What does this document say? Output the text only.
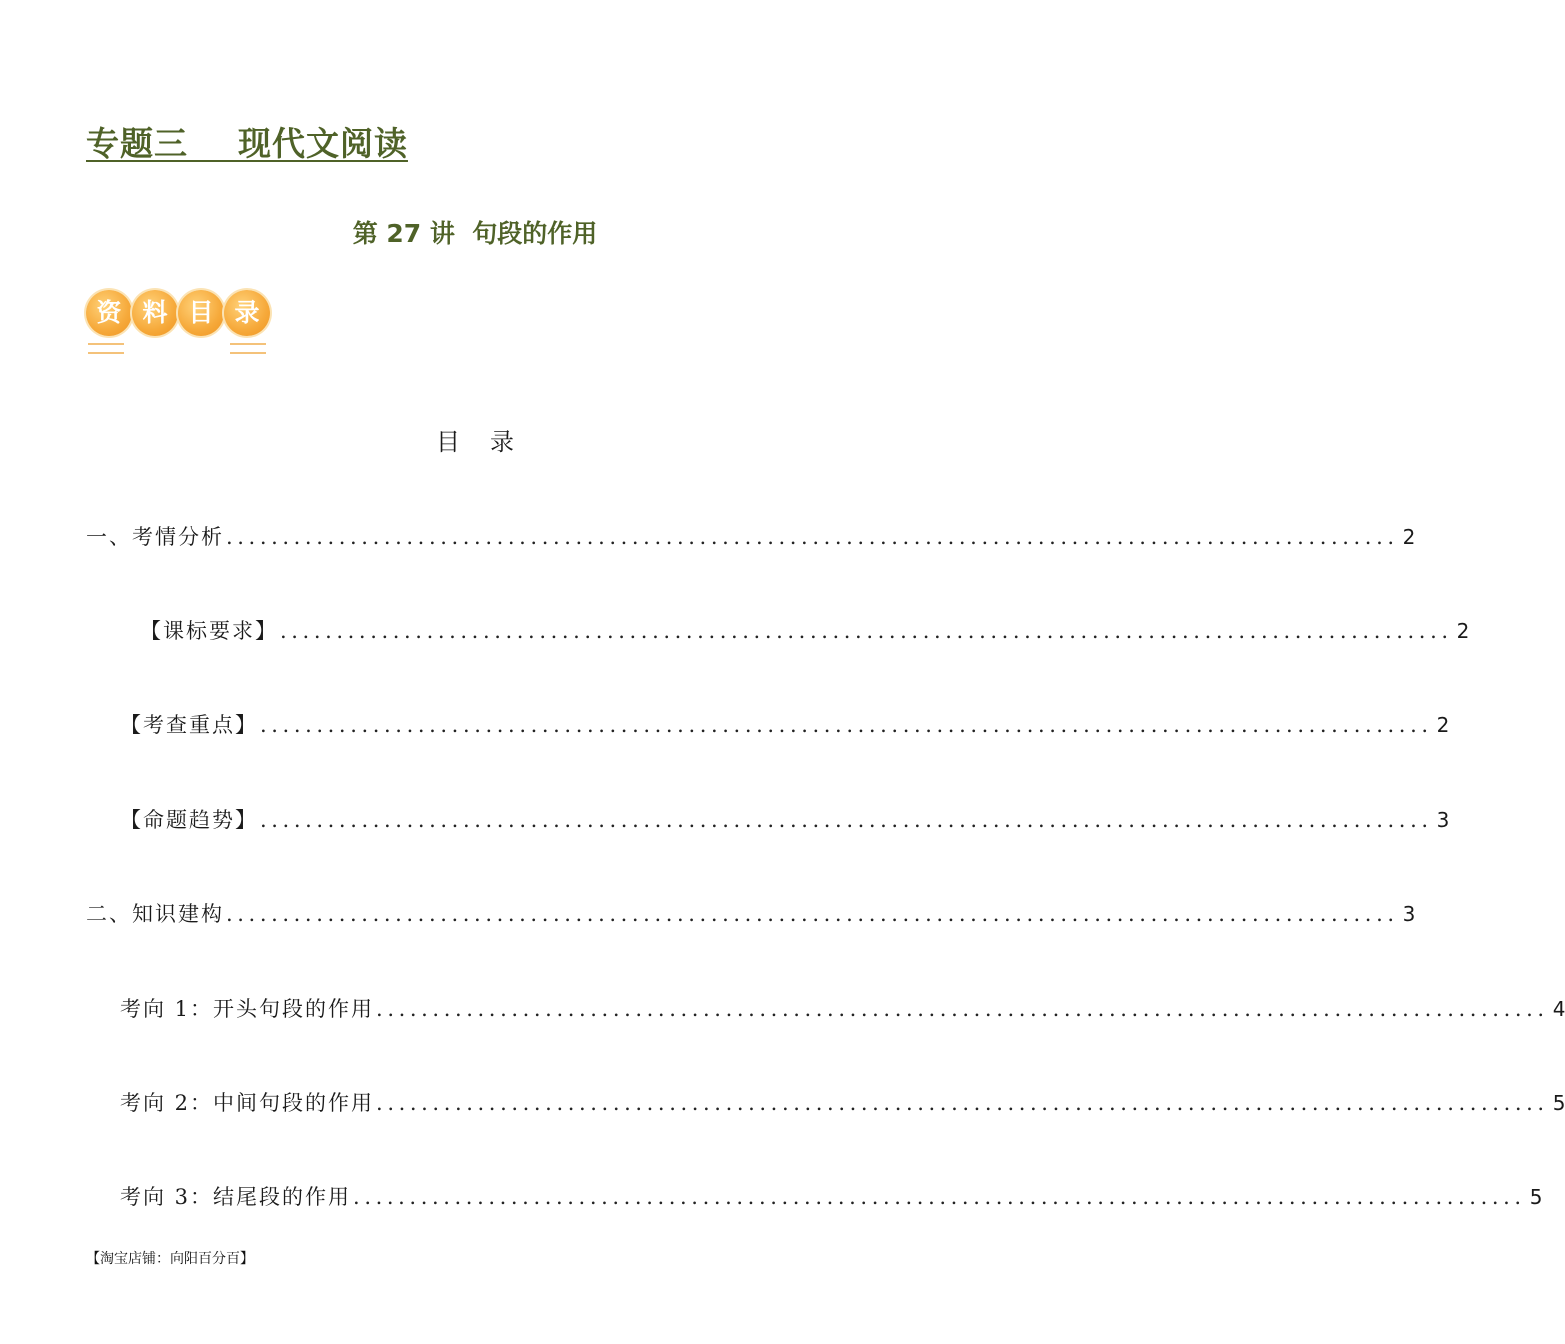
专题三    现代文阅读
第 27 讲  句段的作用
资 料 目 录
目录
一、考情分析 ........................................................................................................ 2
【课标要求】 ........................................................................................................ 2
【考查重点】 ........................................................................................................ 2
【命题趋势】 ........................................................................................................ 3
二、知识建构 ........................................................................................................ 3
考向 1：开头句段的作用 ........................................................................................................ 4
考向 2：中间句段的作用 ........................................................................................................ 5
考向 3：结尾段的作用 ........................................................................................................ 5
【淘宝店铺：向阳百分百】
